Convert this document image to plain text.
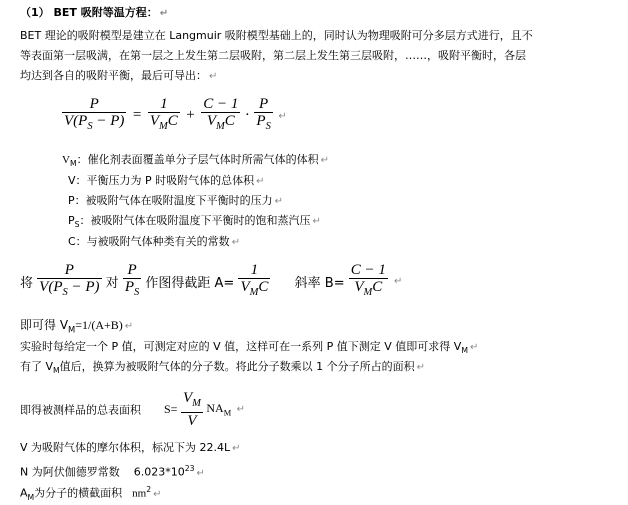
（1） BET 吸附等温方程： ↵
BET 理论的吸附模型是建立在 Langmuir 吸附模型基础上的，同时认为物理吸附可分多层方式进行，且不
等表面第一层吸满，在第一层之上发生第二层吸附，第二层上发生第三层吸附，……，吸附平衡时，各层
均达到各自的吸附平衡，最后可导出： ↵
$\frac{P}{V(P_S - P)} = \frac{1}{V_MC} + \frac{C - 1}{V_MC} \cdot \frac{P}{P_S}$ ↵
$V_M$：催化剂表面覆盖单分子层气体时所需气体的体积 ↵
V：平衡压力为 P 时吸附气体的总体积 ↵
P：被吸附气体在吸附温度下平衡时的压力 ↵
$P_S$：被吸附气体在吸附温度下平衡时的饱和蒸汽压 ↵
C：与被吸附气体种类有关的常数 ↵
将 $\frac{P}{V(P_S - P)}$ 对 $\frac{P}{P_S}$ 作图得截距 $A= \frac{1}{V_MC}$ 斜率 $B= \frac{C - 1}{V_MC}$ ↵
即可得 $V_M=1/(A+B)$ ↵
实验时每给定一个 P 值，可测定对应的 V 值，这样可在一系列 P 值下测定 V 值即可求得 $V_M$ ↵
有了 $V_M$值后，换算为被吸附气体的分子数。将此分子数乘以 1 个分子所占的面积 ↵
即得被测样品的总表面积 $S= \frac{V_M}{V} NA_M$ ↵
V 为吸附气体的摩尔体积，标况下为 22.4L ↵
N 为阿伏伽德罗常数 $6.023*10^{23}$ ↵
$A_M$为分子的横截面积 $nm^2$ ↵
